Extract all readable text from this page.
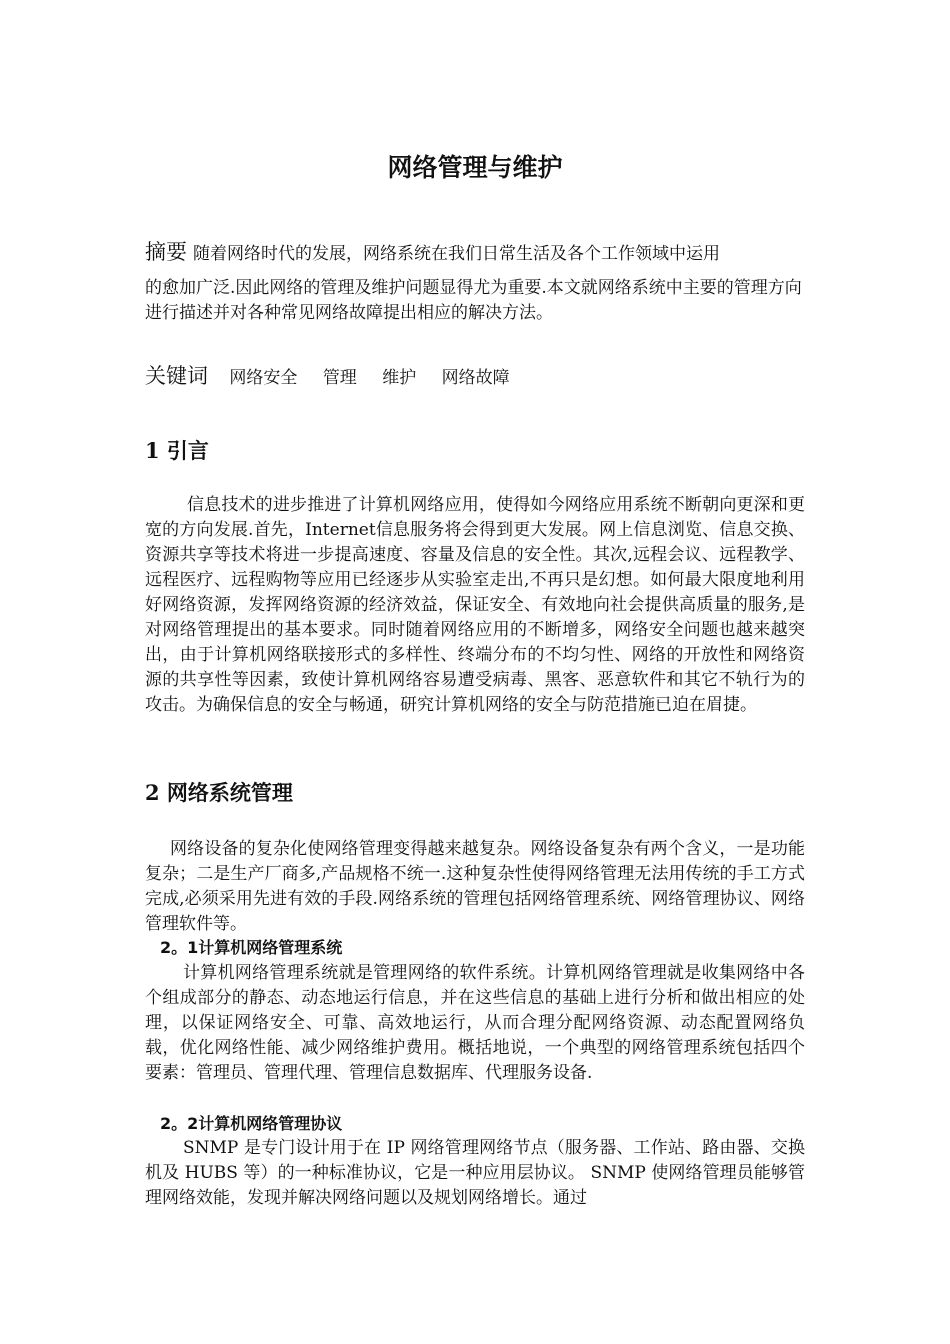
网络管理与维护
摘要 随着网络时代的发展，网络系统在我们日常生活及各个工作领域中运用
的愈加广泛.因此网络的管理及维护问题显得尤为重要.本文就网络系统中主要的管理方向进行描述并对各种常见网络故障提出相应的解决方法。
关键词 网络安全 管理 维护 网络故障
1 引言

信息技术的进步推进了计算机网络应用，使得如今网络应用系统不断朝向更深和更宽的方向发展.首先，Internet信息服务将会得到更大发展。网上信息浏览、信息交换、资源共享等技术将进一步提高速度、容量及信息的安全性。其次,远程会议、远程教学、远程医疗、远程购物等应用已经逐步从实验室走出,不再只是幻想。如何最大限度地利用好网络资源，发挥网络资源的经济效益，保证安全、有效地向社会提供高质量的服务,是对网络管理提出的基本要求。同时随着网络应用的不断增多，网络安全问题也越来越突出，由于计算机网络联接形式的多样性、终端分布的不均匀性、网络的开放性和网络资源的共享性等因素，致使计算机网络容易遭受病毒、黑客、恶意软件和其它不轨行为的攻击。为确保信息的安全与畅通，研究计算机网络的安全与防范措施已迫在眉捷。

2 网络系统管理

网络设备的复杂化使网络管理变得越来越复杂。网络设备复杂有两个含义，一是功能复杂；二是生产厂商多,产品规格不统一.这种复杂性使得网络管理无法用传统的手工方式完成,必须采用先进有效的手段.网络系统的管理包括网络管理系统、网络管理协议、网络管理软件等。

2。1计算机网络管理系统

计算机网络管理系统就是管理网络的软件系统。计算机网络管理就是收集网络中各个组成部分的静态、动态地运行信息，并在这些信息的基础上进行分析和做出相应的处理，以保证网络安全、可靠、高效地运行，从而合理分配网络资源、动态配置网络负载，优化网络性能、减少网络维护费用。概括地说，一个典型的网络管理系统包括四个要素：管理员、管理代理、管理信息数据库、代理服务设备.

2。2计算机网络管理协议

SNMP 是专门设计用于在 IP 网络管理网络节点（服务器、工作站、路由器、交换机及 HUBS 等）的一种标准协议，它是一种应用层协议。 SNMP 使网络管理员能够管理网络效能，发现并解决网络问题以及规划网络增长。通过
